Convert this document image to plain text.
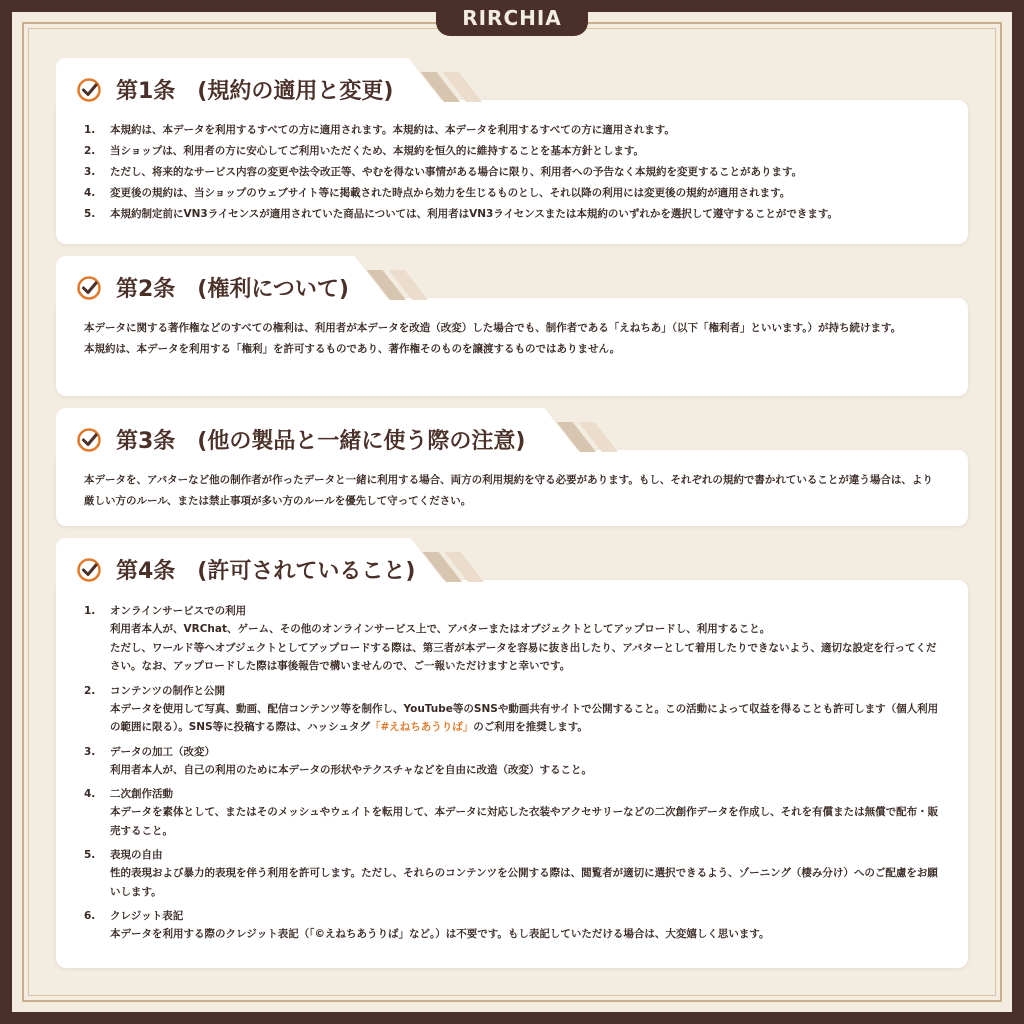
RIRCHIA
第1条　(規約の適用と変更)
1.	本規約は、本データを利用するすべての方に適用されます。本規約は、本データを利用するすべての方に適用されます。
2.	当ショップは、利用者の方に安心してご利用いただくため、本規約を恒久的に維持することを基本方針とします。
3.	ただし、将来的なサービス内容の変更や法令改正等、やむを得ない事情がある場合に限り、利用者への予告なく本規約を変更することがあります。
4.	変更後の規約は、当ショップのウェブサイト等に掲載された時点から効力を生じるものとし、それ以降の利用には変更後の規約が適用されます。
5.	本規約制定前にVN3ライセンスが適用されていた商品については、利用者はVN3ライセンスまたは本規約のいずれかを選択して遵守することができます。
第2条　(権利について)

本データに関する著作権などのすべての権利は、利用者が本データを改造（改変）した場合でも、制作者である「えねちあ」（以下「権利者」といいます。）が持ち続けます。

本規約は、本データを利用する「権利」を許可するものであり、著作権そのものを譲渡するものではありません。

第3条　(他の製品と一緒に使う際の注意)

本データを、アバターなど他の制作者が作ったデータと一緒に利用する場合、両方の利用規約を守る必要があります。もし、それぞれの規約で書かれていることが違う場合は、より厳しい方のルール、または禁止事項が多い方のルールを優先して守ってください。

第4条　(許可されていること)
1.	オンラインサービスでの利用
利用者本人が、VRChat、ゲーム、その他のオンラインサービス上で、アバターまたはオブジェクトとしてアップロードし、利用すること。
ただし、ワールド等へオブジェクトとしてアップロードする際は、第三者が本データを容易に抜き出したり、アバターとして着用したりできないよう、適切な設定を行ってください。なお、アップロードした際は事後報告で構いませんので、ご一報いただけますと幸いです。
2.	コンテンツの制作と公開
本データを使用して写真、動画、配信コンテンツ等を制作し、YouTube等のSNSや動画共有サイトで公開すること。この活動によって収益を得ることも許可します（個人利用の範囲に限る）。SNS等に投稿する際は、ハッシュタグ「#えねちあうりば」のご利用を推奨します。
3.	データの加工（改変）
利用者本人が、自己の利用のために本データの形状やテクスチャなどを自由に改造（改変）すること。
4.	二次創作活動
本データを素体として、またはそのメッシュやウェイトを転用して、本データに対応した衣装やアクセサリーなどの二次創作データを作成し、それを有償または無償で配布・販売すること。
5.	表現の自由
性的表現および暴力的表現を伴う利用を許可します。ただし、それらのコンテンツを公開する際は、閲覧者が適切に選択できるよう、ゾーニング（棲み分け）へのご配慮をお願いします。
6.	クレジット表記
本データを利用する際のクレジット表記（「©えねちあうりば」など。）は不要です。もし表記していただける場合は、大変嬉しく思います。
